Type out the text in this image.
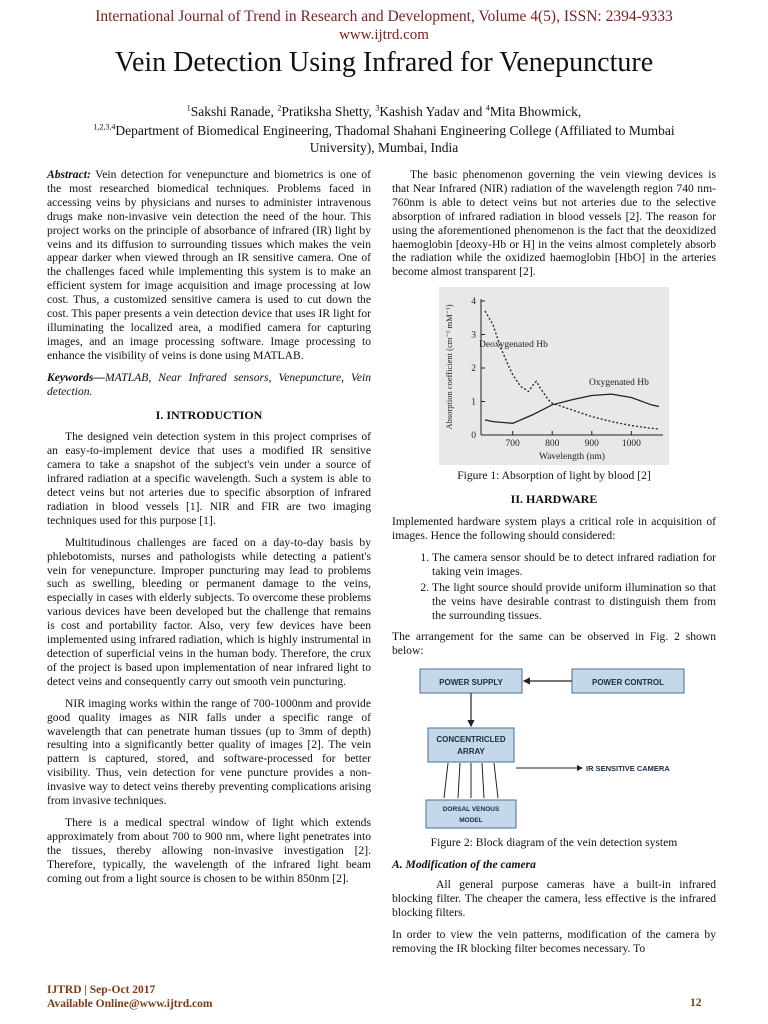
International Journal of Trend in Research and Development, Volume 4(5), ISSN: 2394-9333
www.ijtrd.com
Vein Detection Using Infrared for Venepuncture
$^1$Sakshi Ranade, $^2$Pratiksha Shetty, $^3$Kashish Yadav and $^4$Mita Bhowmick,
$^{1,2,3,4}$Department of Biomedical Engineering, Thadomal Shahani Engineering College (Affiliated to Mumbai
University), Mumbai, India

Abstract: Vein detection for venepuncture and biometrics is one of the most researched biomedical techniques. Problems faced in accessing veins by physicians and nurses to administer intravenous drugs make non-invasive vein detection the need of the hour. This project works on the principle of absorbance of infrared (IR) light by veins and its diffusion to surrounding tissues which makes the vein appear darker when viewed through an IR sensitive camera. One of the challenges faced while implementing this system is to make an efficient system for image acquisition and image processing at low cost. Thus, a customized sensitive camera is used to cut down the cost. This paper presents a vein detection device that uses IR light for illuminating the localized area, a modified camera for capturing images, and an image processing software. Image processing to enhance the visibility of veins is done using MATLAB.

Keywords—MATLAB, Near Infrared sensors, Venepuncture, Vein detection.

I. INTRODUCTION

The designed vein detection system in this project comprises of an easy-to-implement device that uses a modified IR sensitive camera to take a snapshot of the subject's vein under a source of infrared radiation at a specific wavelength. Such a system is able to detect veins but not arteries due to specific absorption of infrared radiation in blood vessels [1]. NIR and FIR are two imaging techniques used for this purpose [1].

Multitudinous challenges are faced on a day-to-day basis by phlebotomists, nurses and pathologists while detecting a patient's vein for venepuncture. Improper puncturing may lead to problems such as swelling, bleeding or permanent damage to the veins, especially in cases with elderly subjects. To overcome these problems various devices have been developed but the challenge that remains is cost and portability factor. Also, very few devices have been implemented using infrared radiation, which is highly instrumental in detection of superficial veins in the human body. Therefore, the crux of the project is based upon implementation of near infrared light to detect veins and consequently carry out smooth vein puncturing.

NIR imaging works within the range of 700-1000nm and provide good quality images as NIR falls under a specific range of wavelength that can penetrate human tissues (up to 3mm of depth) resulting into a significantly better quality of images [2]. The vein pattern is captured, stored, and software-processed for better visibility. Thus, vein detection for vene puncture provides a non-invasive way to detect veins thereby preventing complications arising from invasive techniques.

There is a medical spectral window of light which extends approximately from about 700 to 900 nm, where light penetrates into the tissues, thereby allowing non-invasive investigation [2]. Therefore, typically, the wavelength of the infrared light beam coming out from a light source is chosen to be within 850nm [2].

The basic phenomenon governing the vein viewing devices is that Near Infrared (NIR) radiation of the wavelength region 740 nm-760nm is able to detect veins but not arteries due to the selective absorption of infrared radiation in blood vessels [2]. The reason for using the aforementioned phenomenon is the fact that the deoxidized haemoglobin [deoxy-Hb or H] in the veins almost completely absorb the radiation while the oxidized haemoglobin [HbO] in the arteries become almost transparent [2].

700	800	900 1000
0
1
2
3
4
Deoxygenated Hb
Oxygenated Hb
Wavelength (nm)
Absorption coefficient (cm⁻¹ mM⁻¹)
Figure 1: Absorption of light by blood [2]
II. HARDWARE

Implemented hardware system plays a critical role in acquisition of images. Hence the following should considered:

1. The camera sensor should be to detect infrared radiation for taking vein images.
2. The light source should provide uniform illumination so that the veins have desirable contrast to distinguish them from the surrounding tissues.

The arrangement for the same can be observed in Fig. 2 shown below:

POWER SUPPLY	POWER CONTROL
CONCENTRICLED
ARRAY
IR SENSITIVE CAMERA
DORSAL VENOUS
MODEL
Figure 2: Block diagram of the vein detection system
A. Modification of the camera

All general purpose cameras have a built-in infrared blocking filter. The cheaper the camera, less effective is the infrared blocking filters.

In order to view the vein patterns, modification of the camera by removing the IR blocking filter becomes necessary. To

IJTRD | Sep-Oct 2017
Available Online@www.ijtrd.com	12
